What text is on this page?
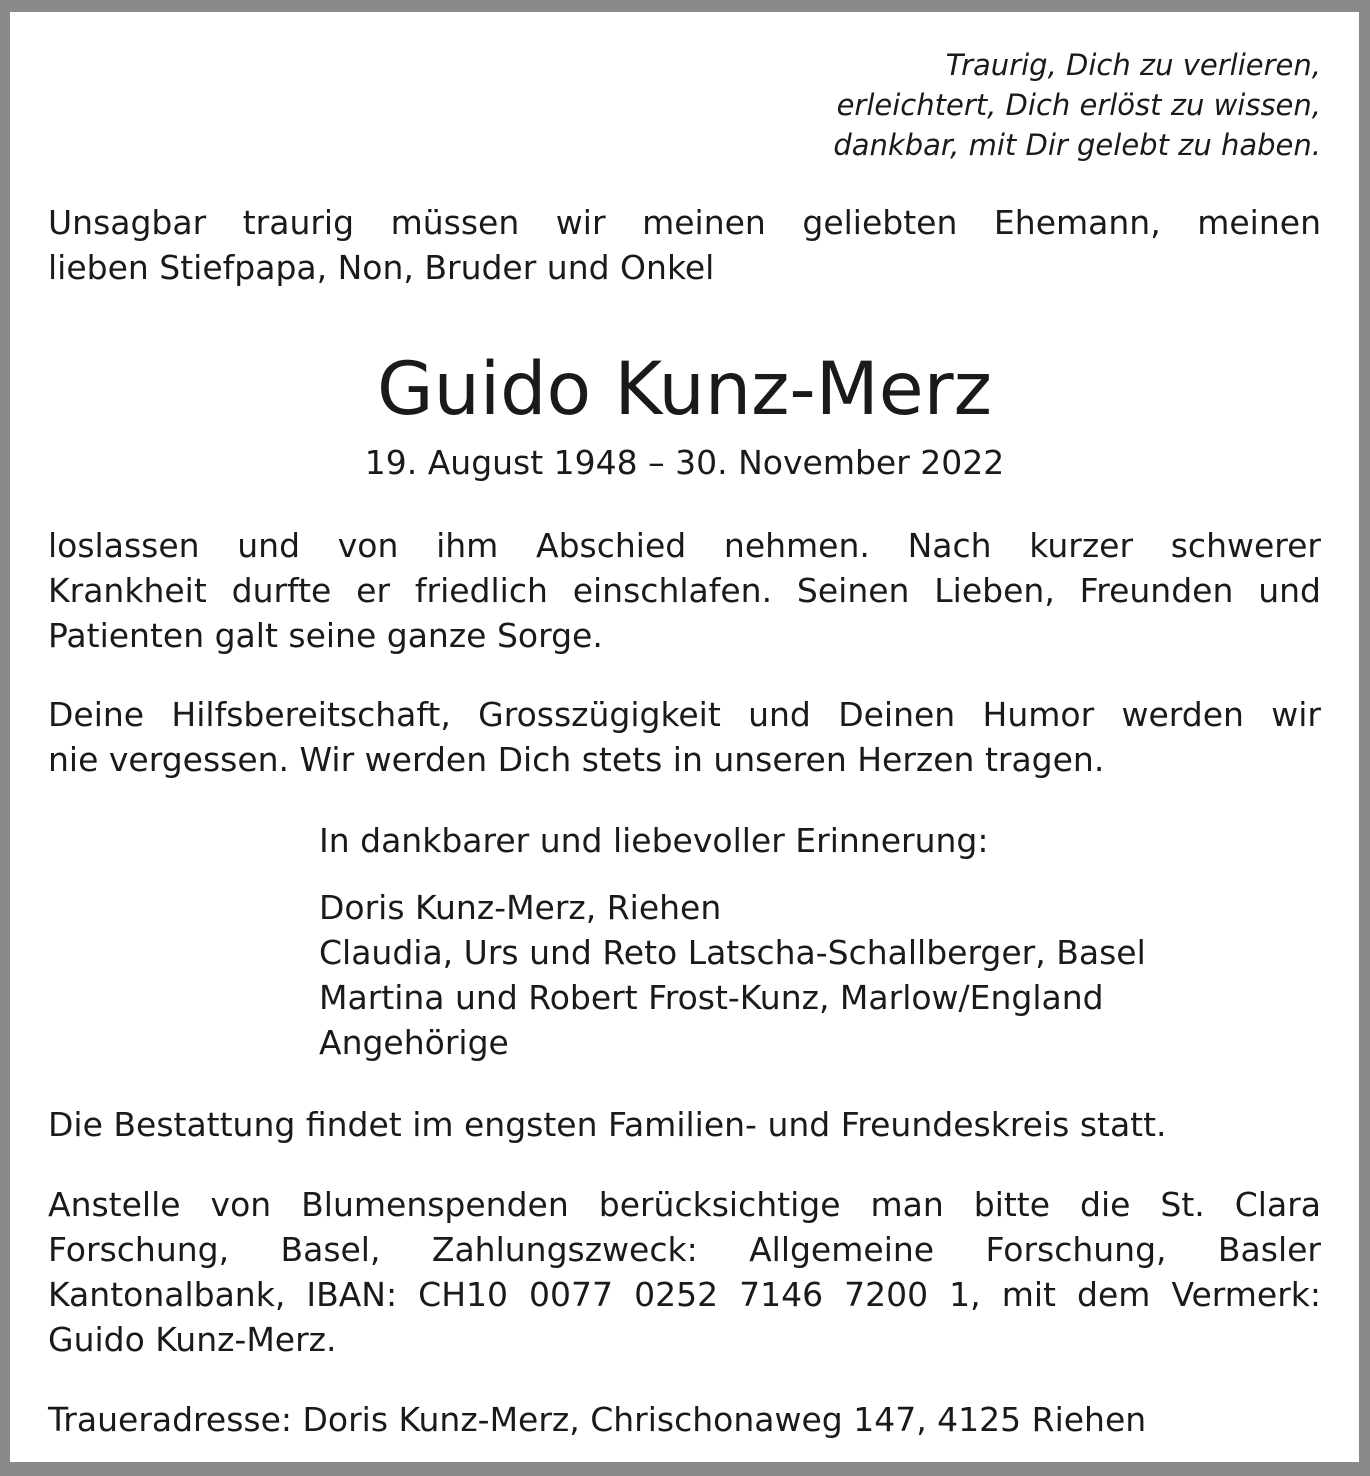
Traurig, Dich zu verlieren,
erleichtert, Dich erlöst zu wissen,
dankbar, mit Dir gelebt zu haben.
Unsagbar traurig müssen wir meinen geliebten Ehemann, meinen
lieben Stiefpapa, Non, Bruder und Onkel
Guido Kunz-Merz
19. August 1948 – 30. November 2022
loslassen und von ihm Abschied nehmen. Nach kurzer schwerer
Krankheit durfte er friedlich einschlafen. Seinen Lieben, Freunden und
Patienten galt seine ganze Sorge.
Deine Hilfsbereitschaft, Grosszügigkeit und Deinen Humor werden wir
nie vergessen. Wir werden Dich stets in unseren Herzen tragen.
In dankbarer und liebevoller Erinnerung:
Doris Kunz-Merz, Riehen
Claudia, Urs und Reto Latscha-Schallberger, Basel
Martina und Robert Frost-Kunz, Marlow/England
Angehörige
Die Bestattung findet im engsten Familien- und Freundeskreis statt.
Anstelle von Blumenspenden berücksichtige man bitte die St. Clara
Forschung, Basel, Zahlungszweck: Allgemeine Forschung, Basler
Kantonalbank, IBAN: CH10 0077 0252 7146 7200 1, mit dem Vermerk:
Guido Kunz-Merz.
Traueradresse: Doris Kunz-Merz, Chrischonaweg 147, 4125 Riehen
